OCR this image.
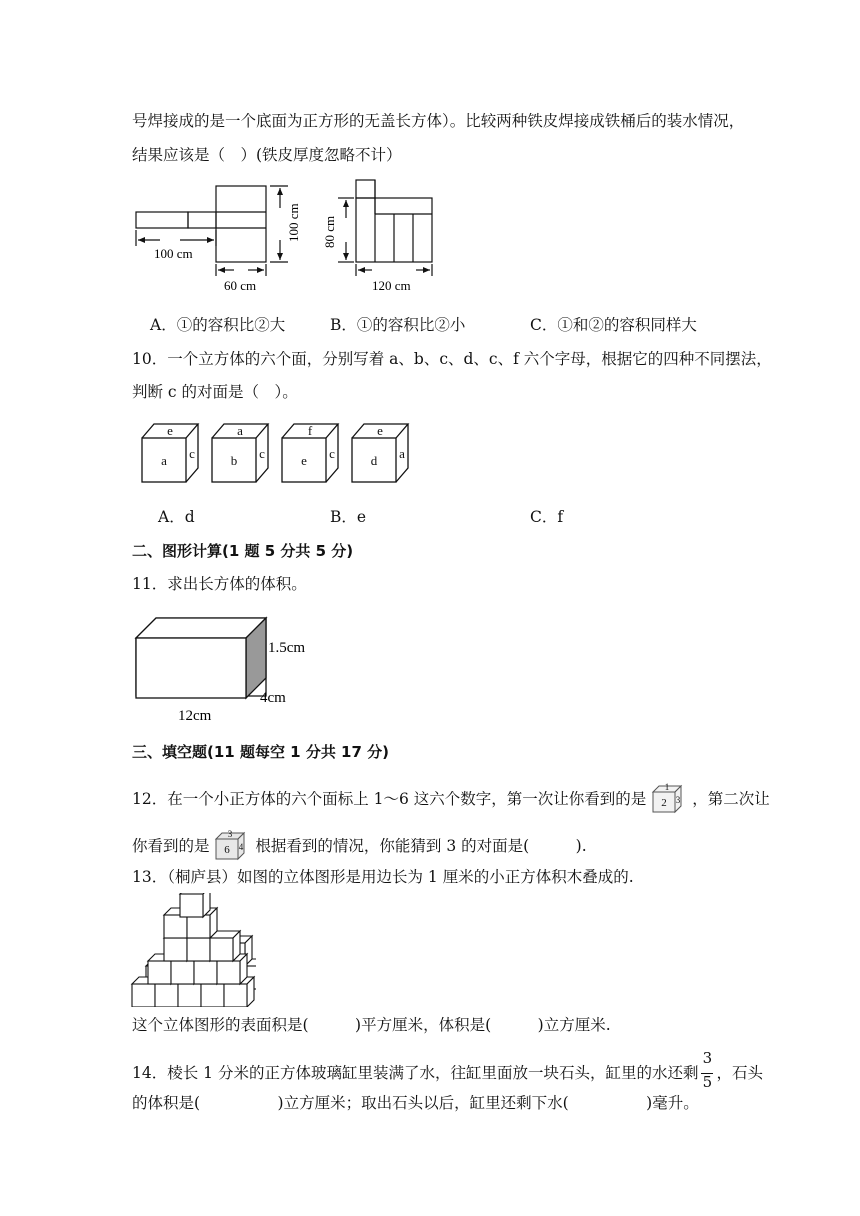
号焊接成的是一个底面为正方形的无盖长方体）。比较两种铁皮焊接成铁桶后的装水情况，
结果应该是（　）(铁皮厚度忽略不计）
100 cm
100 cm
60 cm
80 cm
120 cm
A．①的容积比②大	B．①的容积比②小	C．①和②的容积同样大
10．一个立方体的六个面，分别写着 a、b、c、d、c、f 六个字母，根据它的四种不同摆法，
判断 c 的对面是（　）。
e
a c
a
b c
f
e c
e
d a
A．d	B．e	C．f
二、图形计算(1 题 5 分共 5 分)
11．求出长方体的体积。
1.5cm
4cm
12cm
三、填空题(11 题每空 1 分共 17 分)
12．在一个小正方体的六个面标上 1～6 这六个数字，第一次让你看到的是
1
2 3 ，第二次让
你看到的是
3
6 4 根据看到的情况，你能猜到 3 的对面是(　　　).
13．（桐庐县）如图的立体图形是用边长为 1 厘米的小正方体积木叠成的.
这个立体图形的表面积是(　　　)平方厘米，体积是(　　　)立方厘米.
14．棱长 1 分米的正方体玻璃缸里装满了水，往缸里面放一块石头，缸里的水还剩 $\frac{3}{5}$ ，石头
的体积是(　　　　　)立方厘米；取出石头以后，缸里还剩下水(　　　　　)毫升。
